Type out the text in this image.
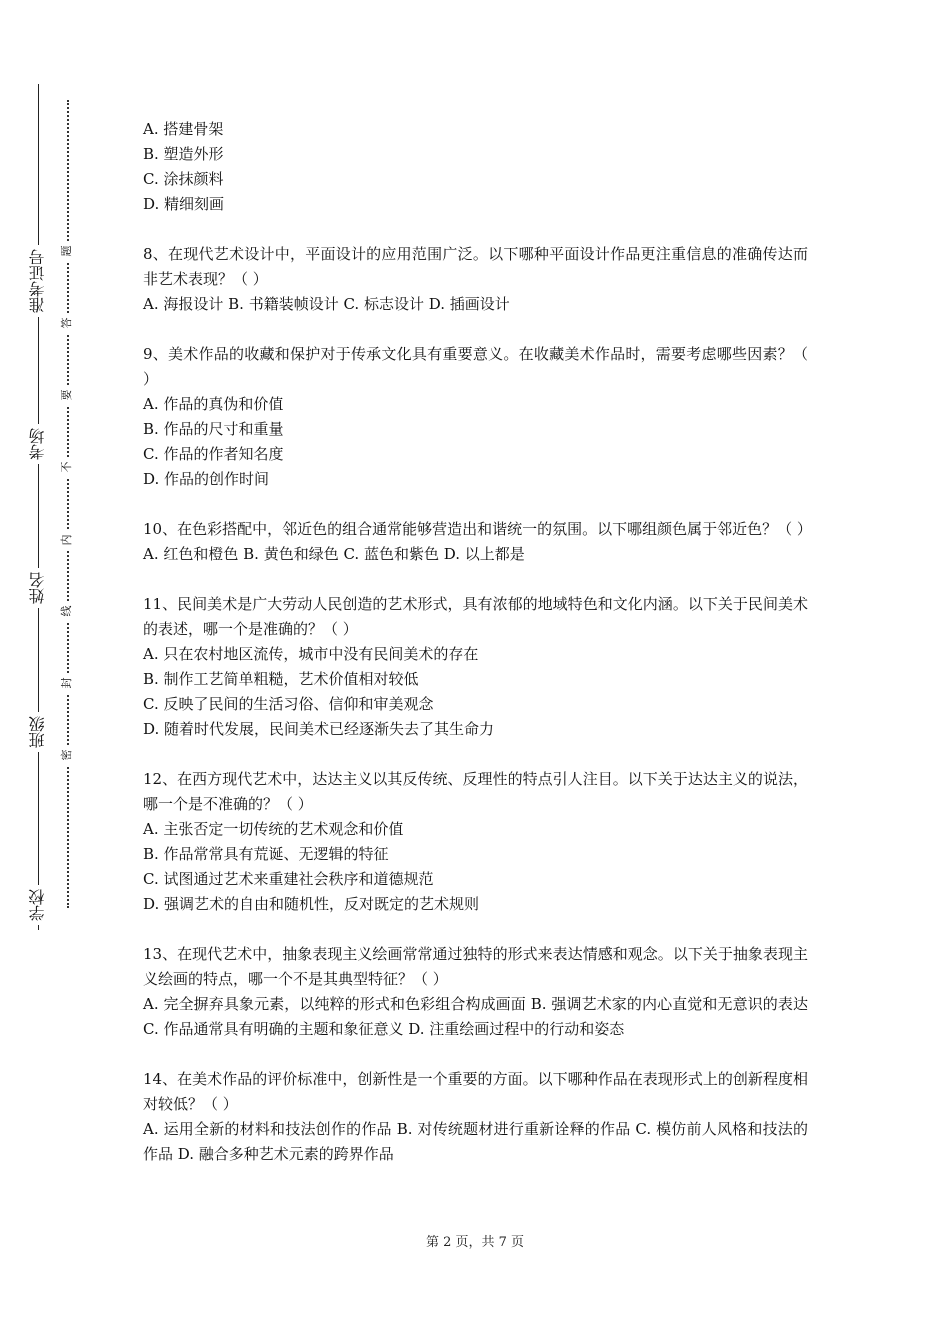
准考证号
考场
姓名
班级
学校
题
答
要
不
内
线
封
密
A. 搭建骨架
B. 塑造外形
C. 涂抹颜料
D. 精细刻画
8、在现代艺术设计中，平面设计的应用范围广泛。以下哪种平面设计作品更注重信息的准确传达而非艺术表现？（ ）
A. 海报设计 B. 书籍装帧设计 C. 标志设计 D. 插画设计
9、美术作品的收藏和保护对于传承文化具有重要意义。在收藏美术作品时，需要考虑哪些因素？（ ）
A. 作品的真伪和价值
B. 作品的尺寸和重量
C. 作品的作者知名度
D. 作品的创作时间
10、在色彩搭配中，邻近色的组合通常能够营造出和谐统一的氛围。以下哪组颜色属于邻近色？（ ）
A. 红色和橙色 B. 黄色和绿色 C. 蓝色和紫色 D. 以上都是
11、民间美术是广大劳动人民创造的艺术形式，具有浓郁的地域特色和文化内涵。以下关于民间美术的表述，哪一个是准确的？（ ）
A. 只在农村地区流传，城市中没有民间美术的存在
B. 制作工艺简单粗糙，艺术价值相对较低
C. 反映了民间的生活习俗、信仰和审美观念
D. 随着时代发展，民间美术已经逐渐失去了其生命力
12、在西方现代艺术中，达达主义以其反传统、反理性的特点引人注目。以下关于达达主义的说法，哪一个是不准确的？（ ）
A. 主张否定一切传统的艺术观念和价值
B. 作品常常具有荒诞、无逻辑的特征
C. 试图通过艺术来重建社会秩序和道德规范
D. 强调艺术的自由和随机性，反对既定的艺术规则
13、在现代艺术中，抽象表现主义绘画常常通过独特的形式来表达情感和观念。以下关于抽象表现主义绘画的特点，哪一个不是其典型特征？（ ）
A. 完全摒弃具象元素，以纯粹的形式和色彩组合构成画面 B. 强调艺术家的内心直觉和无意识的表达 C. 作品通常具有明确的主题和象征意义 D. 注重绘画过程中的行动和姿态
14、在美术作品的评价标准中，创新性是一个重要的方面。以下哪种作品在表现形式上的创新程度相对较低？（ ）
A. 运用全新的材料和技法创作的作品 B. 对传统题材进行重新诠释的作品 C. 模仿前人风格和技法的作品 D. 融合多种艺术元素的跨界作品
第 2 页，共 7 页
